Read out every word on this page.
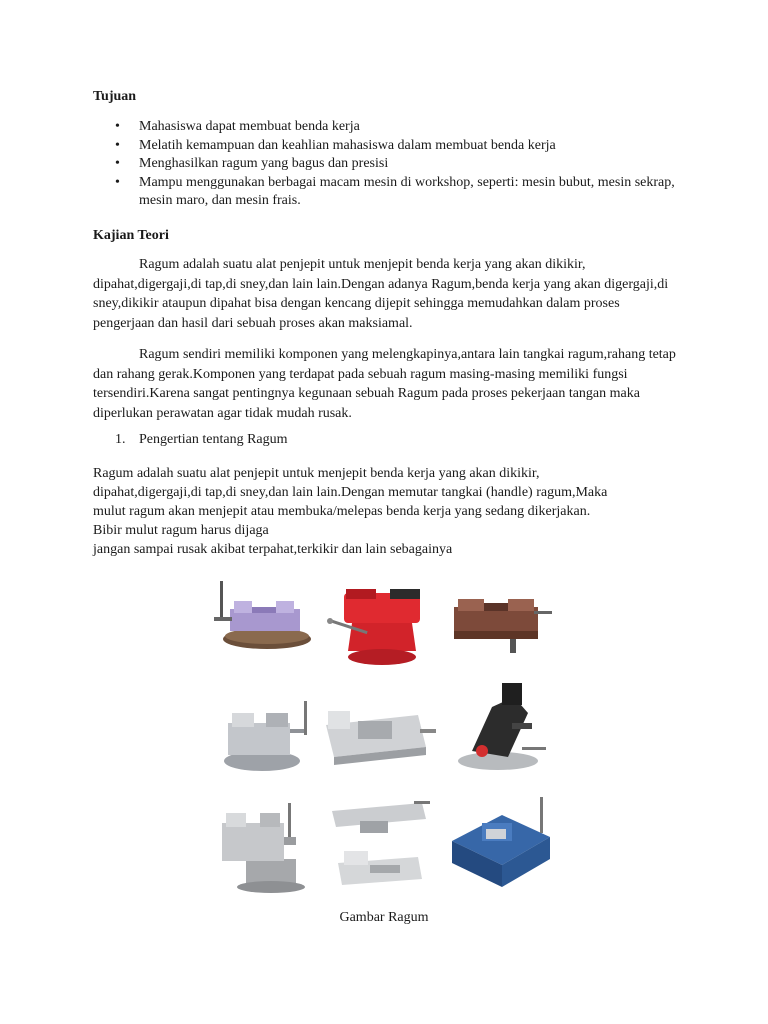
Tujuan
• Mahasiswa dapat membuat benda kerja
• Melatih kemampuan dan keahlian mahasiswa dalam membuat benda kerja
• Menghasilkan ragum yang bagus dan presisi
• Mampu menggunakan berbagai macam mesin di workshop, seperti: mesin bubut, mesin sekrap, mesin maro, dan mesin frais.
Kajian Teori

Ragum adalah suatu alat penjepit untuk menjepit benda kerja yang akan dikikir, dipahat,digergaji,di tap,di sney,dan lain lain.Dengan adanya Ragum,benda kerja yang akan digergaji,di sney,dikikir ataupun dipahat bisa dengan kencang dijepit sehingga memudahkan dalam proses pengerjaan dan hasil dari sebuah proses akan maksiamal.

Ragum sendiri memiliki komponen yang melengkapinya,antara lain tangkai ragum,rahang tetap dan rahang gerak.Komponen yang terdapat pada sebuah ragum masing-masing memiliki fungsi tersendiri.Karena sangat pentingnya kegunaan sebuah Ragum pada proses pekerjaan tangan maka diperlukan perawatan agar tidak mudah rusak.

1. Pengertian tentang Ragum
Ragum adalah suatu alat penjepit untuk menjepit benda kerja yang akan dikikir,
dipahat,digergaji,di tap,di sney,dan lain lain.Dengan memutar tangkai (handle) ragum,Maka
mulut ragum akan menjepit atau membuka/melepas benda kerja yang sedang dikerjakan.
Bibir mulut ragum harus dijaga
jangan sampai rusak akibat terpahat,terkikir dan lain sebagainya
Gambar Ragum
